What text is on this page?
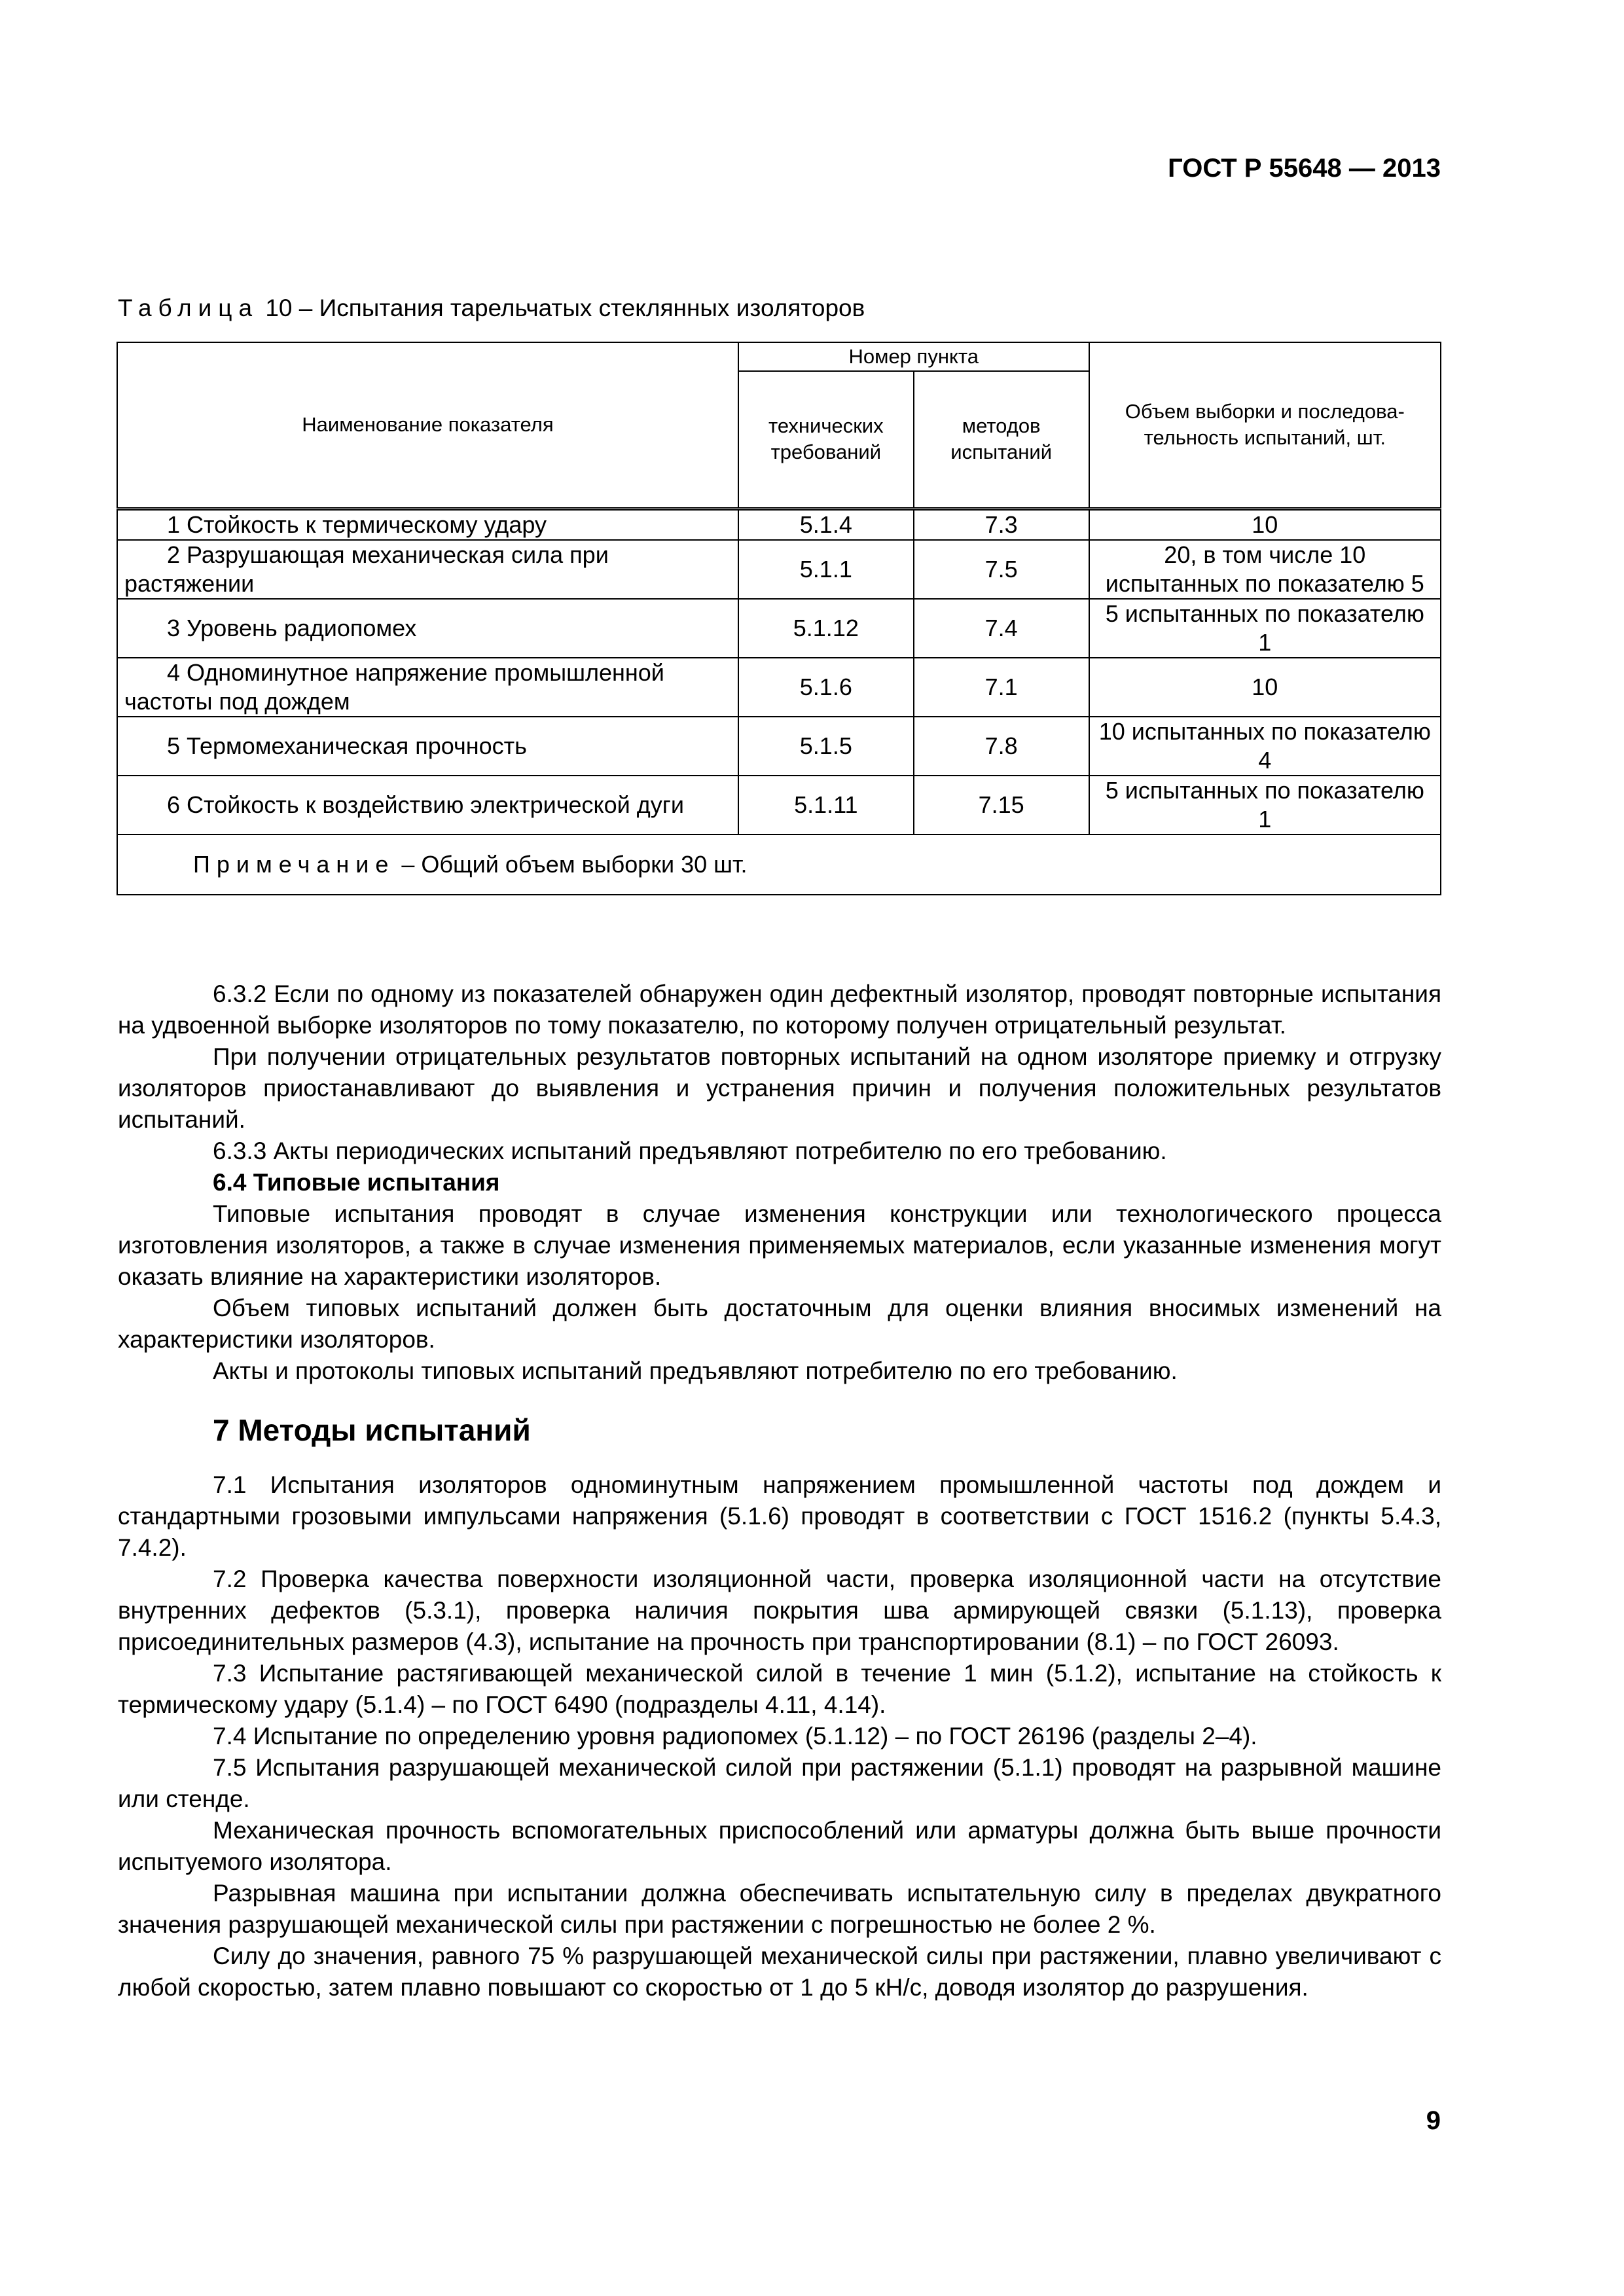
ГОСТ Р 55648 — 2013
Таблица 10 – Испытания тарельчатых стеклянных изоляторов
Наименование показателя	Номер пункта		Объем выборки и последова-тельность испытаний, шт.
	технических требований	методов испытаний	
1 Стойкость к термическому удару	5.1.4	7.3	10
2 Разрушающая механическая сила при растяжении	5.1.1	7.5	20, в том числе 10 испытанных по показателю 5
3 Уровень радиопомех	5.1.12	7.4	5 испытанных по показателю 1
4 Одноминутное напряжение промышленной частоты под дождем	5.1.6	7.1	10
5 Термомеханическая прочность	5.1.5	7.8	10 испытанных по показателю 4
6 Стойкость к воздействию электрической дуги	5.1.11	7.15	5 испытанных по показателю 1
Примечание – Общий объем выборки 30 шт.			

6.3.2 Если по одному из показателей обнаружен один дефектный изолятор, проводят повторные испытания на удвоенной выборке изоляторов по тому показателю, по которому получен отрицательный результат.

При получении отрицательных результатов повторных испытаний на одном изоляторе приемку и отгрузку изоляторов приостанавливают до выявления и устранения причин и получения положительных результатов испытаний.

6.3.3 Акты периодических испытаний предъявляют потребителю по его требованию.

6.4 Типовые испытания

Типовые испытания проводят в случае изменения конструкции или технологического процесса изготовления изоляторов, а также в случае изменения применяемых материалов, если указанные изменения могут оказать влияние на характеристики изоляторов.

Объем типовых испытаний должен быть достаточным для оценки влияния вносимых изменений на характеристики изоляторов.

Акты и протоколы типовых испытаний предъявляют потребителю по его требованию.

7 Методы испытаний

7.1 Испытания изоляторов одноминутным напряжением промышленной частоты под дождем и стандартными грозовыми импульсами напряжения (5.1.6) проводят в соответствии с ГОСТ 1516.2 (пункты 5.4.3, 7.4.2).

7.2 Проверка качества поверхности изоляционной части, проверка изоляционной части на отсутствие внутренних дефектов (5.3.1), проверка наличия покрытия шва армирующей связки (5.1.13), проверка присоединительных размеров (4.3), испытание на прочность при транспортировании (8.1) – по ГОСТ 26093.

7.3 Испытание растягивающей механической силой в течение 1 мин (5.1.2), испытание на стойкость к термическому удару (5.1.4) – по ГОСТ 6490 (подразделы 4.11, 4.14).

7.4 Испытание по определению уровня радиопомех (5.1.12) – по ГОСТ 26196 (разделы 2–4).

7.5 Испытания разрушающей механической силой при растяжении (5.1.1) проводят на разрывной машине или стенде.

Механическая прочность вспомогательных приспособлений или арматуры должна быть выше прочности испытуемого изолятора.

Разрывная машина при испытании должна обеспечивать испытательную силу в пределах двукратного значения разрушающей механической силы при растяжении с погрешностью не более 2 %.

Силу до значения, равного 75 % разрушающей механической силы при растяжении, плавно увеличивают с любой скоростью, затем плавно повышают со скоростью от 1 до 5 кН/с, доводя изолятор до разрушения.

9
